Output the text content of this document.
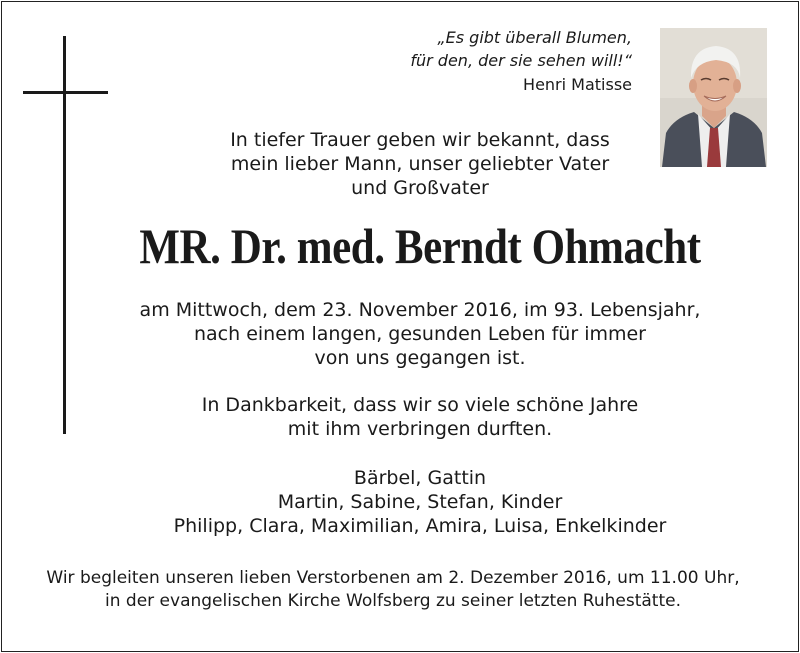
„Es gibt überall Blumen,
für den, der sie sehen will!“
Henri Matisse
In tiefer Trauer geben wir bekannt, dass
mein lieber Mann, unser geliebter Vater
und Großvater
MR. Dr. med. Berndt Ohmacht
am Mittwoch, dem 23. November 2016, im 93. Lebensjahr,
nach einem langen, gesunden Leben für immer
von uns gegangen ist.
In Dankbarkeit, dass wir so viele schöne Jahre
mit ihm verbringen durften.
Bärbel, Gattin
Martin, Sabine, Stefan, Kinder
Philipp, Clara, Maximilian, Amira, Luisa, Enkelkinder
Wir begleiten unseren lieben Verstorbenen am 2. Dezember 2016, um 11.00 Uhr,
in der evangelischen Kirche Wolfsberg zu seiner letzten Ruhestätte.
